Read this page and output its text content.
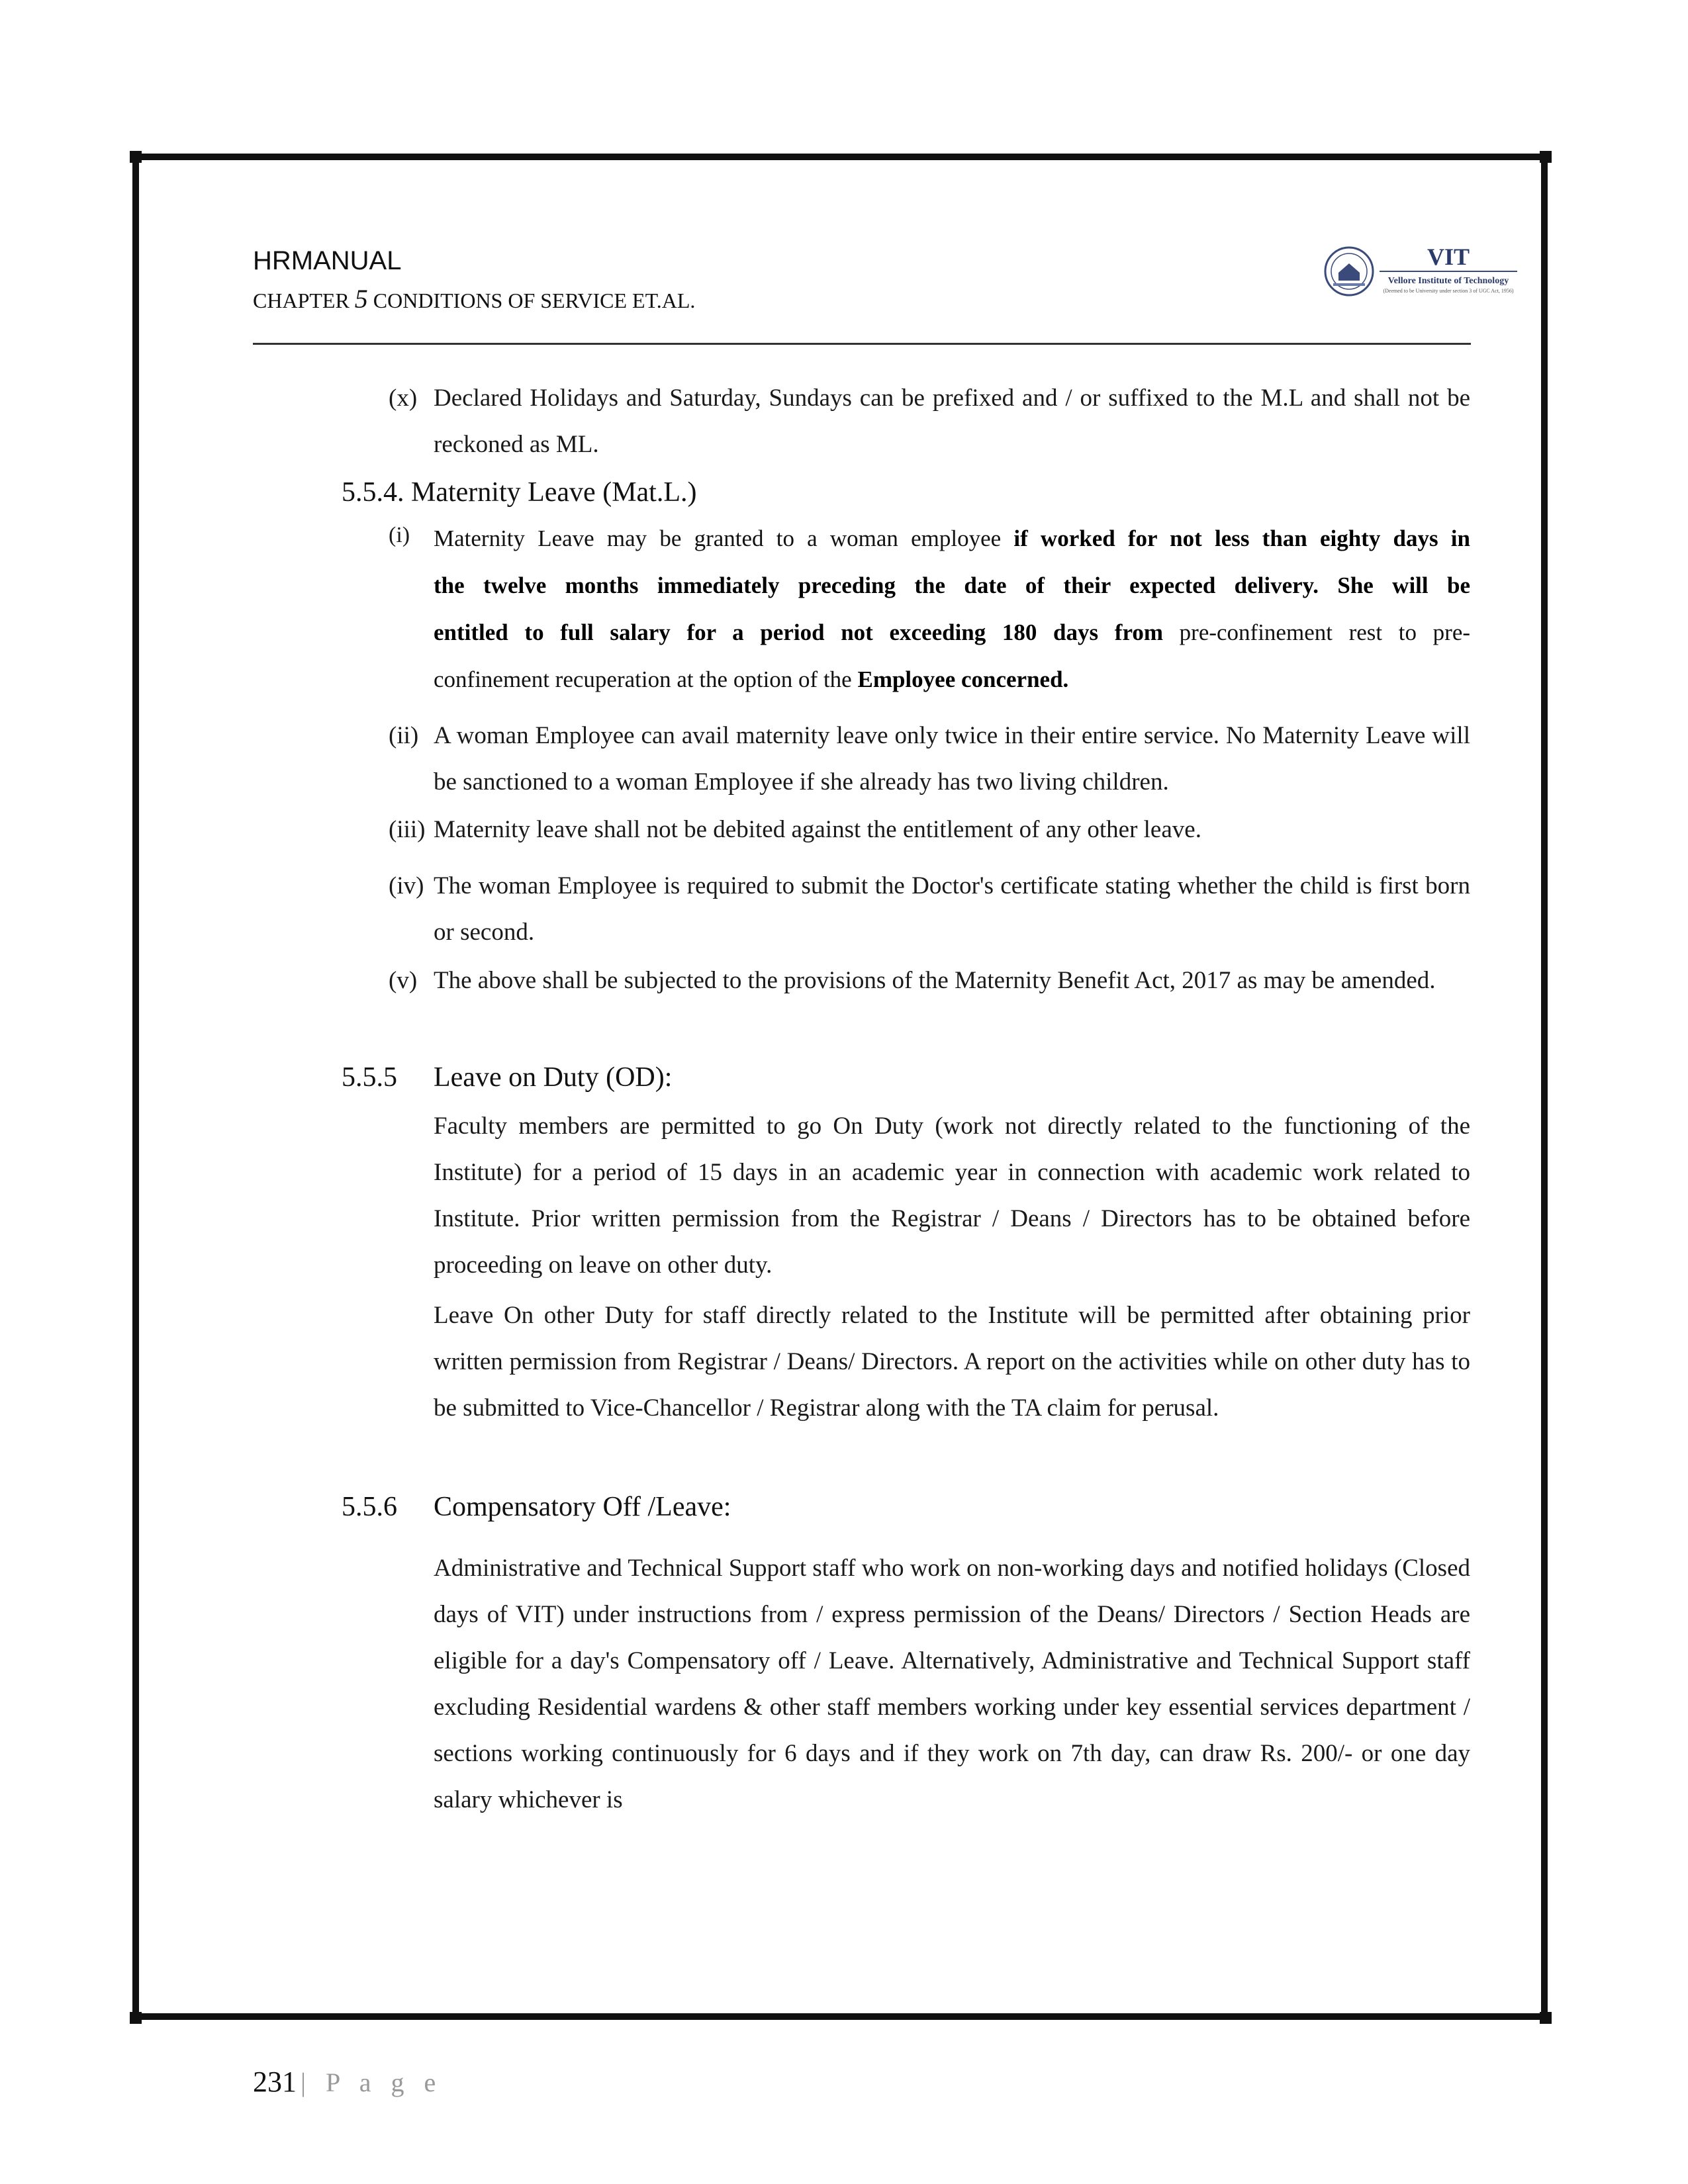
HRMANUAL
CHAPTER 5 CONDITIONS OF SERVICE ET.AL.
VIT
Vellore Institute of Technology
(Deemed to be University under section 3 of UGC Act, 1956)
(x) Declared Holidays and Saturday, Sundays can be prefixed and / or suffixed to the M.L and shall not be reckoned as ML.
5.5.4. Maternity Leave (Mat.L.)
(i) Maternity Leave may be granted to a woman employee if worked for not less than eighty days in
the twelve months immediately preceding the date of their expected delivery. She will be
entitled to full salary for a period not exceeding 180 days from pre-confinement rest to pre-
confinement recuperation at the option of the Employee concerned.
(ii) A woman Employee can avail maternity leave only twice in their entire service. No Maternity Leave will be sanctioned to a woman Employee if she already has two living children.
(iii) Maternity leave shall not be debited against the entitlement of any other leave.
(iv) The woman Employee is required to submit the Doctor's certificate stating whether the child is first born or second.
(v) The above shall be subjected to the provisions of the Maternity Benefit Act, 2017 as may be amended.
5.5.5 Leave on Duty (OD):
Faculty members are permitted to go On Duty (work not directly related to the functioning of the Institute) for a period of 15 days in an academic year in connection with academic work related to Institute. Prior written permission from the Registrar / Deans / Directors has to be obtained before proceeding on leave on other duty.
Leave On other Duty for staff directly related to the Institute will be permitted after obtaining prior written permission from Registrar / Deans/ Directors. A report on the activities while on other duty has to be submitted to Vice-Chancellor / Registrar along with the TA claim for perusal.
5.5.6 Compensatory Off /Leave:
Administrative and Technical Support staff who work on non-working days and notified holidays (Closed days of VIT) under instructions from / express permission of the Deans/ Directors / Section Heads are eligible for a day's Compensatory off / Leave. Alternatively, Administrative and Technical Support staff excluding Residential wardens & other staff members working under key essential services department / sections working continuously for 6 days and if they work on 7th day, can draw Rs. 200/- or one day salary whichever is
231 | P a g e
